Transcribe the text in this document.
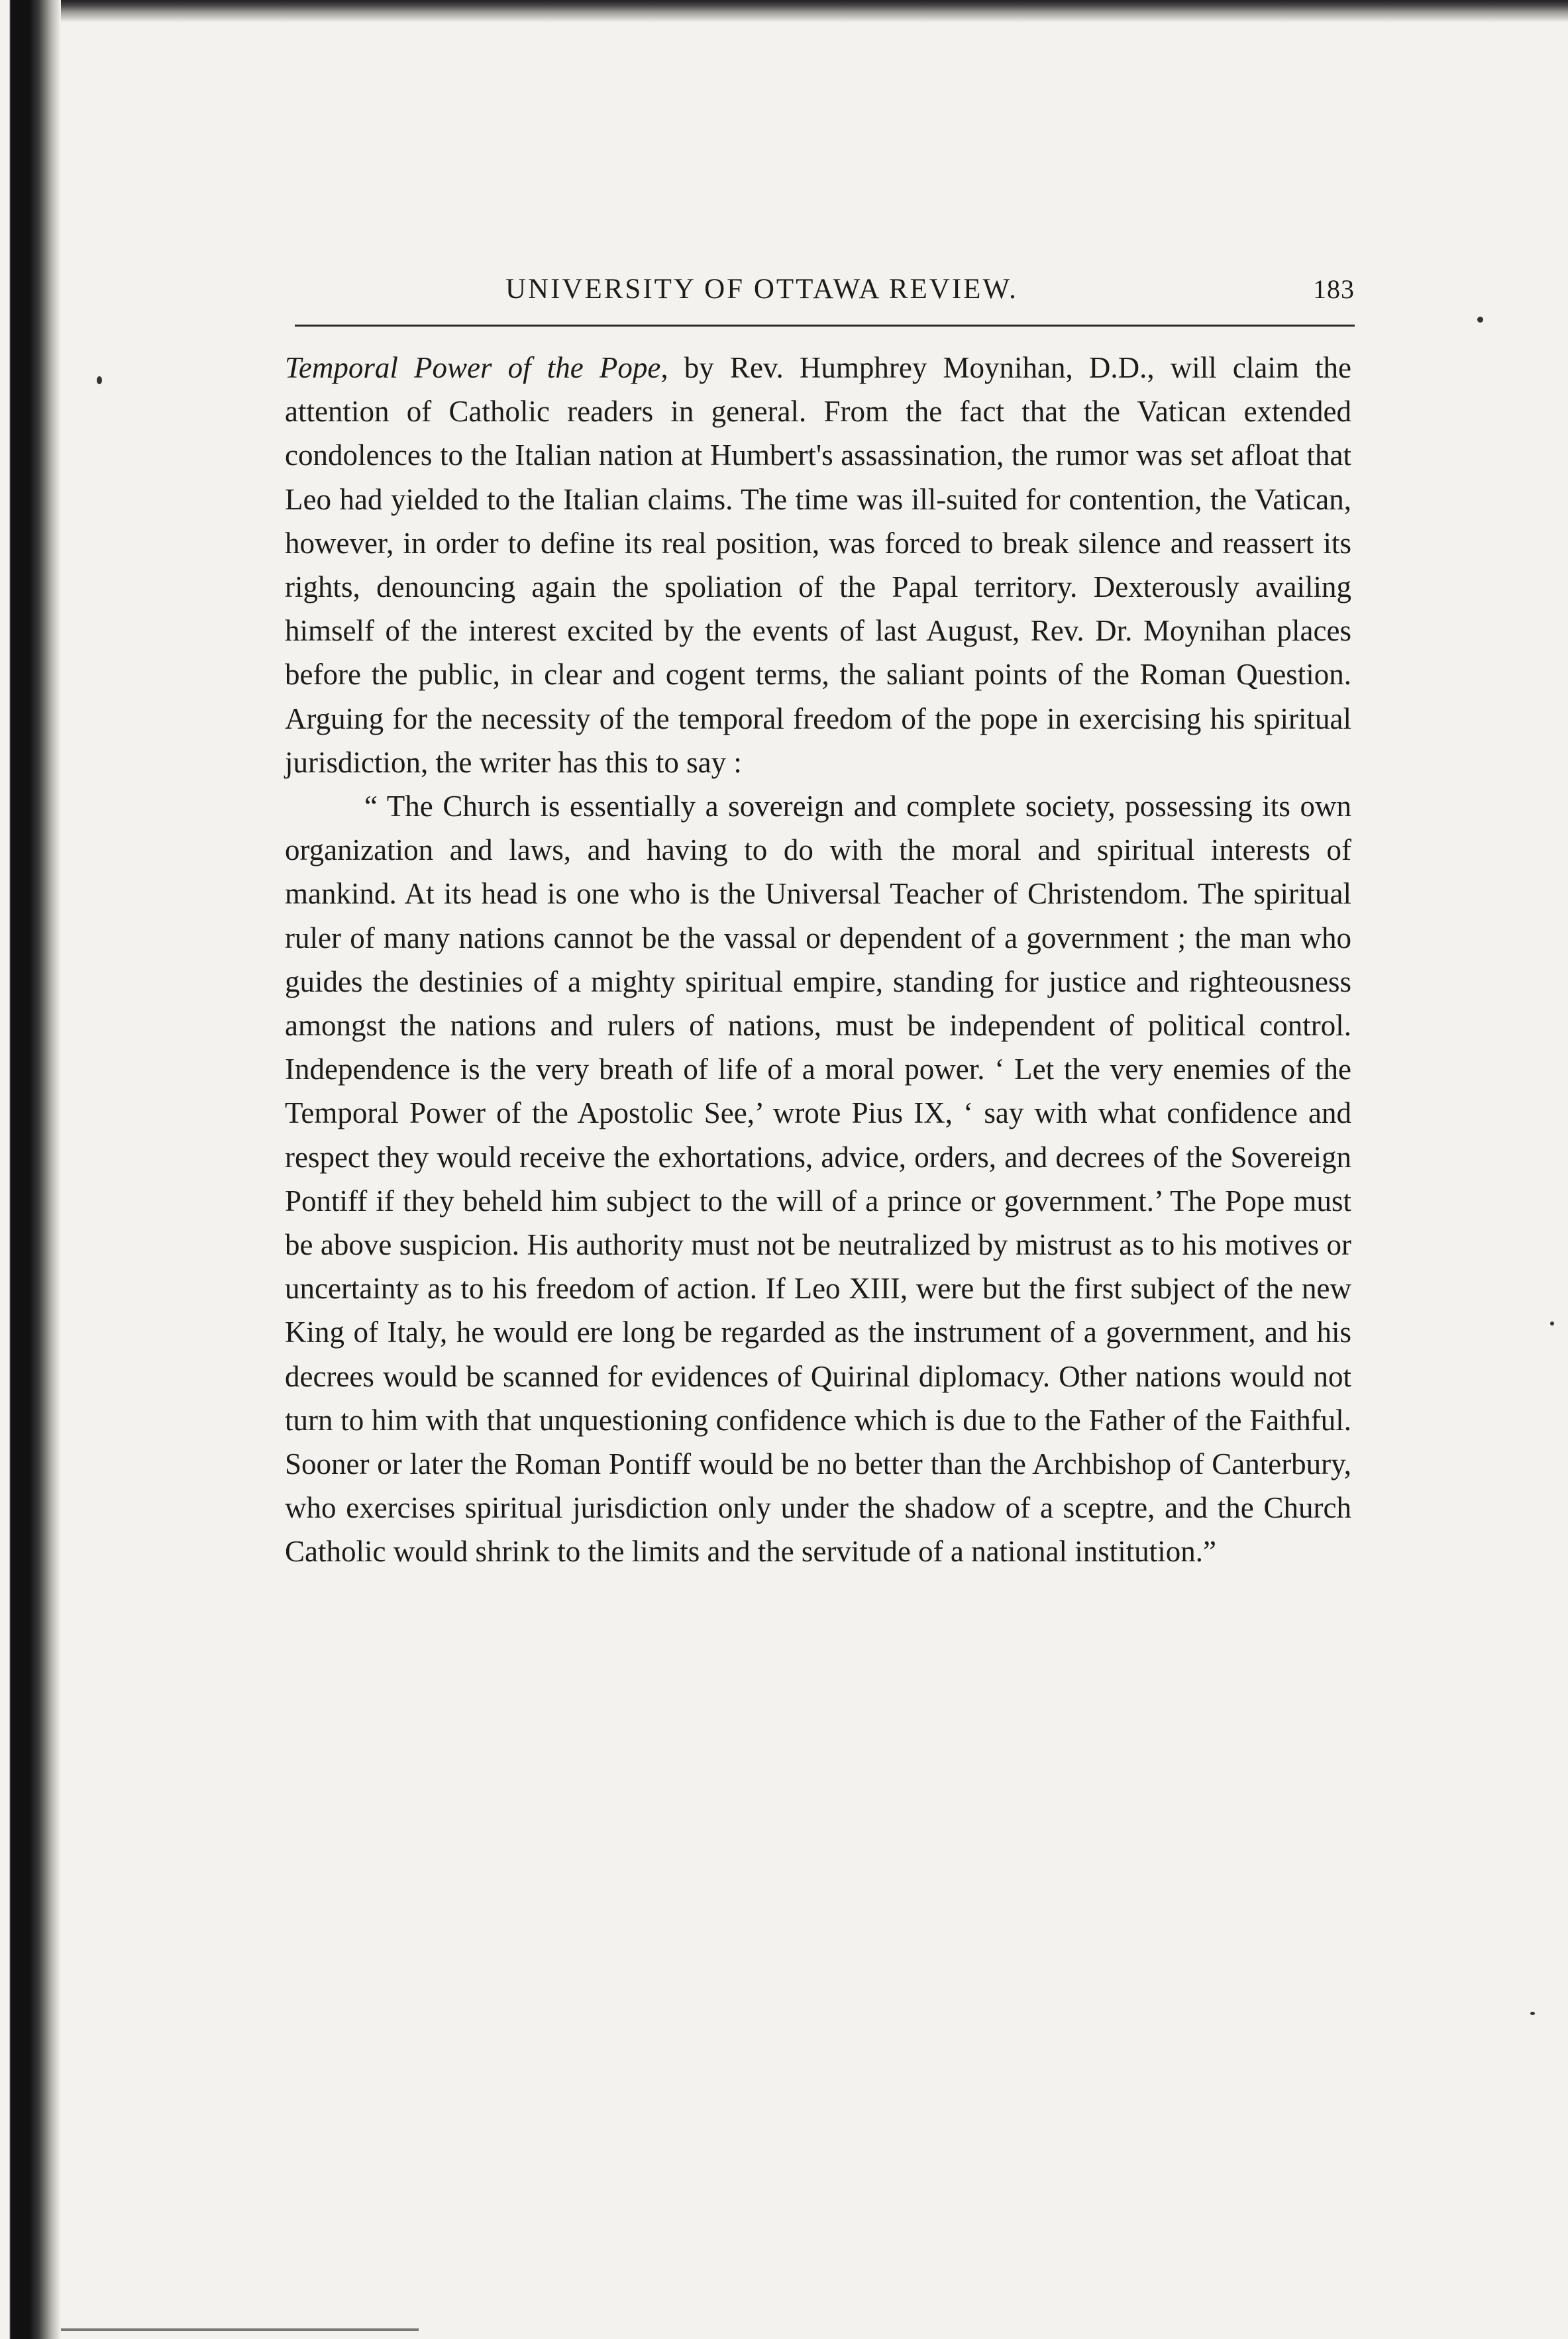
UNIVERSITY OF OTTAWA REVIEW.	183

Temporal Power of the Pope, by Rev. Humphrey Moynihan, D.D., will claim the attention of Catholic readers in general. From the fact that the Vatican extended condolences to the Italian nation at Humbert's assassination, the rumor was set afloat that Leo had yielded to the Italian claims. The time was ill-suited for contention, the Vatican, however, in order to define its real position, was forced to break silence and reassert its rights, denouncing again the spoliation of the Papal territory. Dexterously availing himself of the interest excited by the events of last August, Rev. Dr. Moynihan places before the public, in clear and cogent terms, the saliant points of the Roman Question. Arguing for the necessity of the temporal freedom of the pope in exercising his spiritual jurisdiction, the writer has this to say :

“ The Church is essentially a sovereign and complete society, possessing its own organization and laws, and having to do with the moral and spiritual interests of mankind. At its head is one who is the Universal Teacher of Christendom. The spiritual ruler of many nations cannot be the vassal or dependent of a government ; the man who guides the destinies of a mighty spiritual empire, standing for justice and righteousness amongst the nations and rulers of nations, must be independent of political control. Independence is the very breath of life of a moral power. ‘ Let the very enemies of the Temporal Power of the Apostolic See,’ wrote Pius IX, ‘ say with what confidence and respect they would receive the exhortations, advice, orders, and decrees of the Sovereign Pontiff if they beheld him subject to the will of a prince or government.’ The Pope must be above suspicion. His authority must not be neutralized by mistrust as to his motives or uncertainty as to his freedom of action. If Leo XIII, were but the first subject of the new King of Italy, he would ere long be regarded as the instrument of a government, and his decrees would be scanned for evidences of Quirinal diplomacy. Other nations would not turn to him with that unquestioning confidence which is due to the Father of the Faithful. Sooner or later the Roman Pontiff would be no better than the Archbishop of Canterbury, who exercises spiritual jurisdiction only under the shadow of a sceptre, and the Church Catholic would shrink to the limits and the servitude of a national institution.”
